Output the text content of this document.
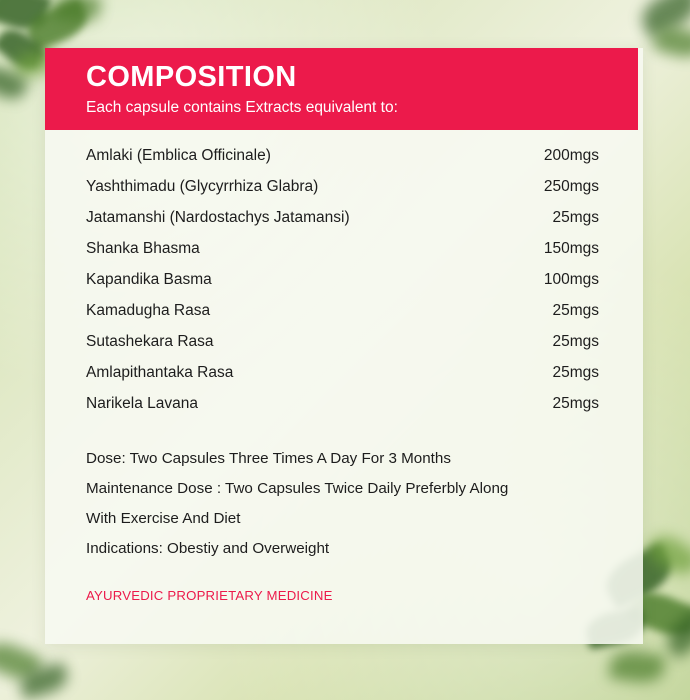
COMPOSITION
Each capsule contains Extracts equivalent to:
Amlaki (Emblica Officinale)	200mgs
Yashthimadu (Glycyrrhiza Glabra)	250mgs
Jatamanshi (Nardostachys Jatamansi)	25mgs
Shanka Bhasma	150mgs
Kapandika Basma	100mgs
Kamadugha Rasa	25mgs
Sutashekara Rasa	25mgs
Amlapithantaka Rasa	25mgs
Narikela Lavana	25mgs
Dose: Two Capsules Three Times A Day For 3 Months
Maintenance Dose : Two Capsules Twice Daily Preferbly Along
With Exercise And Diet
Indications: Obestiy and Overweight
AYURVEDIC PROPRIETARY MEDICINE
